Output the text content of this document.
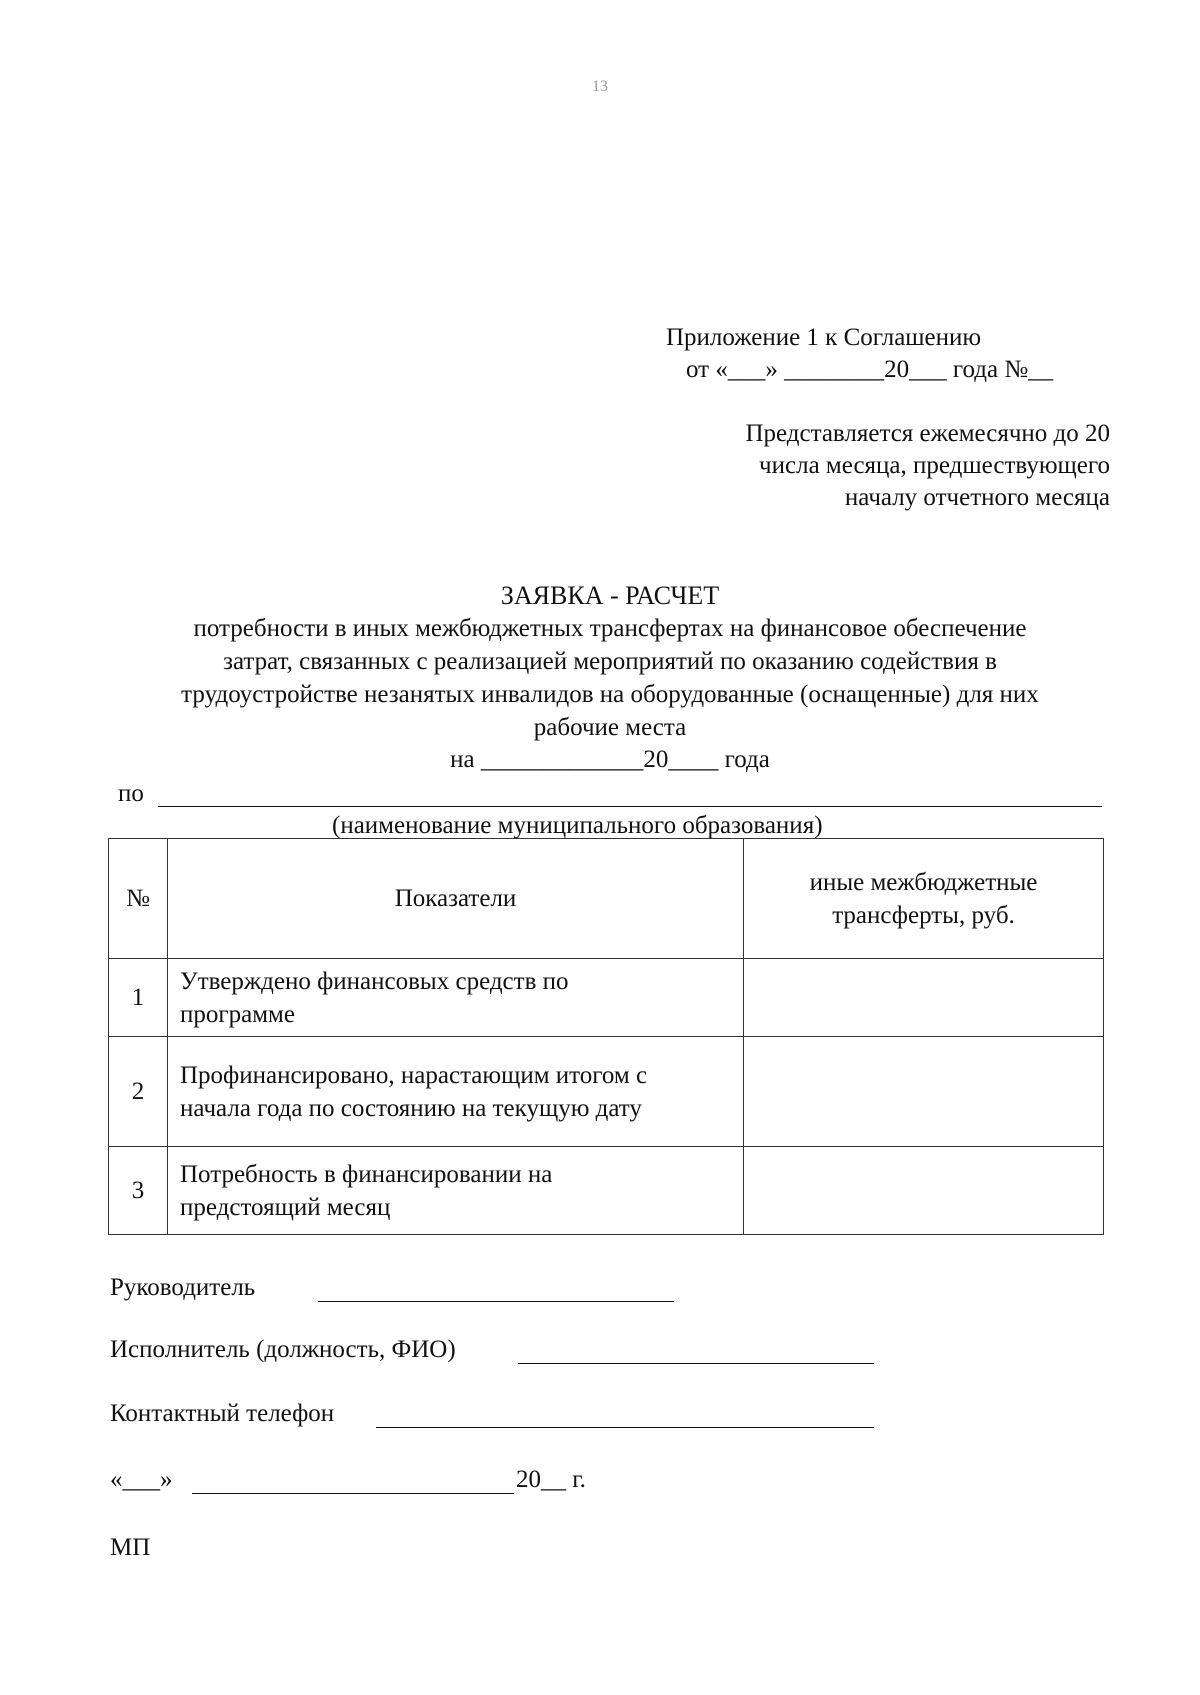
13
Приложение 1 к Соглашению
от «___» ________20___ года №__
Представляется ежемесячно до 20
числа месяца, предшествующего
началу отчетного месяца
ЗАЯВКА - РАСЧЕТ
потребности в иных межбюджетных трансфертах на финансовое обеспечение
затрат, связанных с реализацией мероприятий по оказанию содействия в
трудоустройстве незанятых инвалидов на оборудованные (оснащенные) для них
рабочие места
на _____________20____ года
по
(наименование муниципального образования)
№	Показатели	иные межбюджетные
трансферты, руб.

1	Утверждено финансовых средств по
программе	

2	Профинансировано, нарастающим итогом с
начала года по состоянию на текущую дату	

3	Потребность в финансировании на
предстоящий месяц	

Руководитель
Исполнитель (должность, ФИО)
Контактный телефон
«___»	20__ г.
МП
